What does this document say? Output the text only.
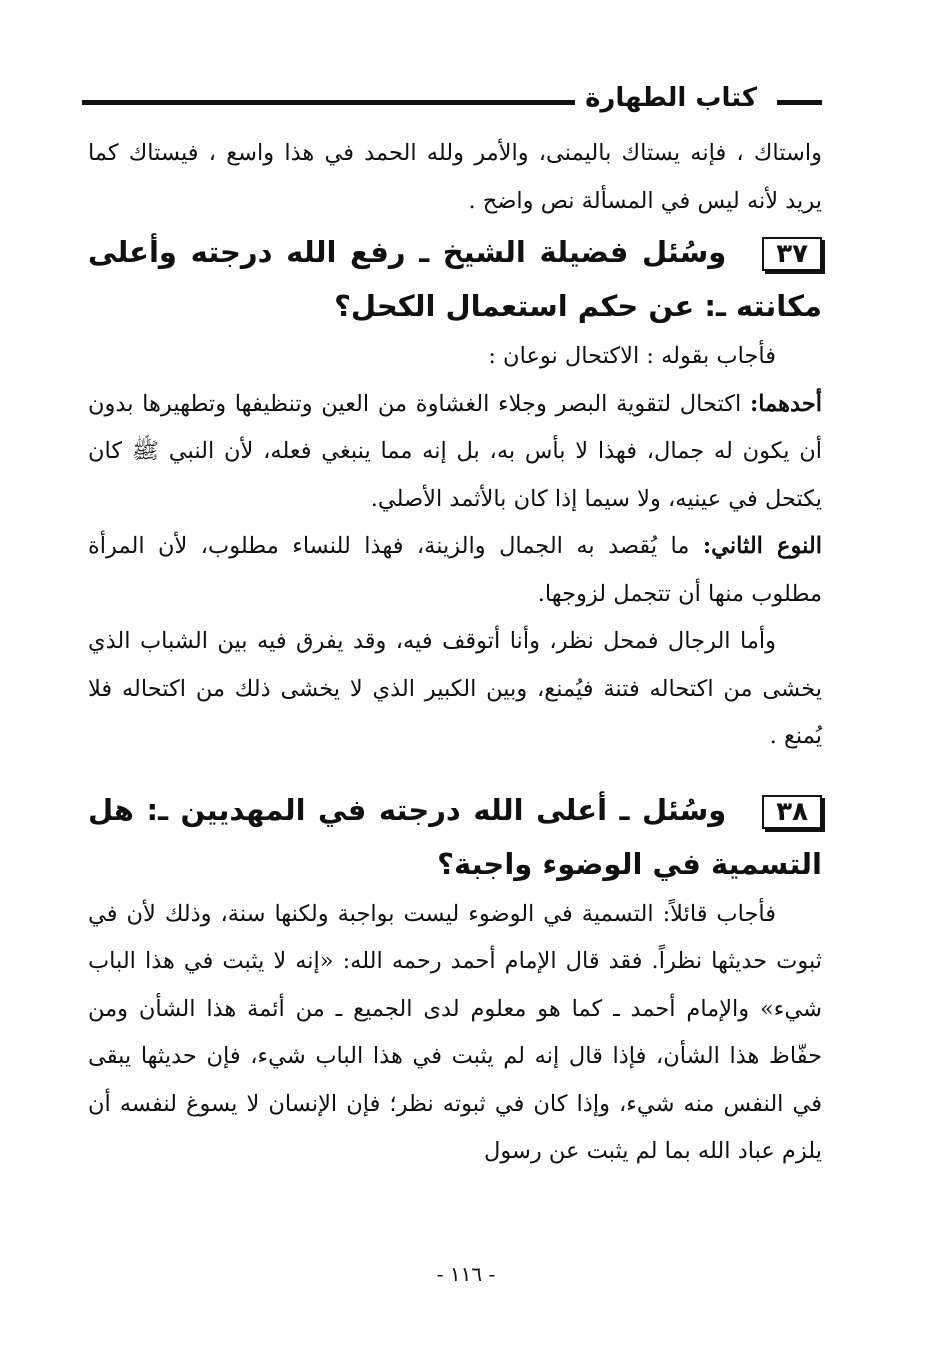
كتاب الطهارة

واستاك ، فإنه يستاك باليمنى، والأمر ولله الحمد في هذا واسع ، فيستاك كما يريد لأنه ليس في المسألة نص واضح .

٣٧وسُئل فضيلة الشيخ ـ رفع الله درجته وأعلى مكانته ـ: عن حكم استعمال الكحل؟

فأجاب بقوله : الاكتحال نوعان :

أحدهما: اكتحال لتقوية البصر وجلاء الغشاوة من العين وتنظيفها وتطهيرها بدون أن يكون له جمال، فهذا لا بأس به، بل إنه مما ينبغي فعله، لأن النبي ﷺ كان يكتحل في عينيه، ولا سيما إذا كان بالأثمد الأصلي.

النوع الثاني: ما يُقصد به الجمال والزينة، فهذا للنساء مطلوب، لأن المرأة مطلوب منها أن تتجمل لزوجها.

وأما الرجال فمحل نظر، وأنا أتوقف فيه، وقد يفرق فيه بين الشباب الذي يخشى من اكتحاله فتنة فيُمنع، وبين الكبير الذي لا يخشى ذلك من اكتحاله فلا يُمنع .

٣٨وسُئل ـ أعلى الله درجته في المهديين ـ: هل التسمية في الوضوء واجبة؟

فأجاب قائلاً: التسمية في الوضوء ليست بواجبة ولكنها سنة، وذلك لأن في ثبوت حديثها نظراً. فقد قال الإمام أحمد رحمه الله: «إنه لا يثبت في هذا الباب شيء» والإمام أحمد ـ كما هو معلوم لدى الجميع ـ من أئمة هذا الشأن ومن حفّاظ هذا الشأن، فإذا قال إنه لم يثبت في هذا الباب شيء، فإن حديثها يبقى في النفس منه شيء، وإذا كان في ثبوته نظر؛ فإن الإنسان لا يسوغ لنفسه أن يلزم عباد الله بما لم يثبت عن رسول

- ١١٦ -
